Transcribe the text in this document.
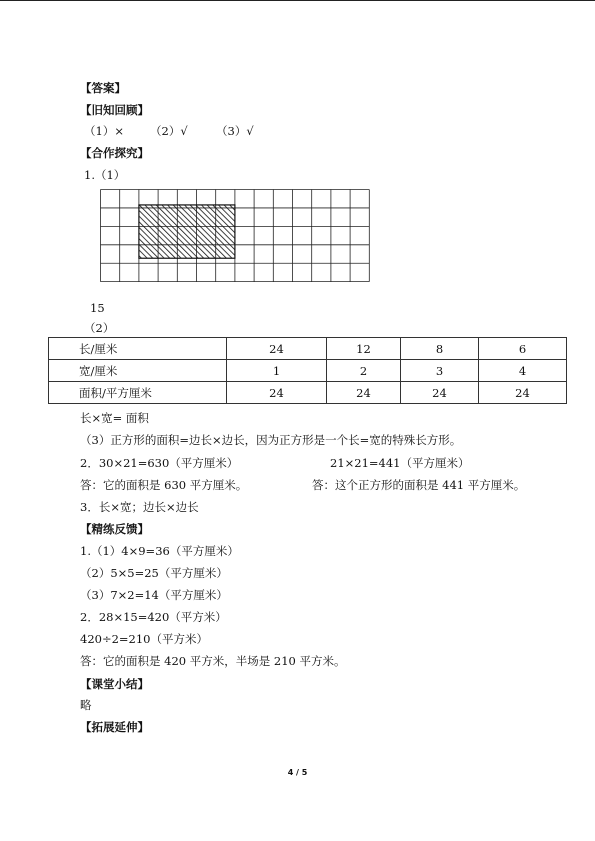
【答案】
【旧知回顾】
（1）× （2）√ （3）√
【合作探究】
1.（1）
15
（2）
长/厘米	24	12	8	6
宽/厘米	1	2	3	4
面积/平方厘米	24	24	24	24
长×宽= 面积
（3）正方形的面积=边长×边长，因为正方形是一个长=宽的特殊长方形。
2．30×21=630（平方厘米）	21×21=441（平方厘米）
答：它的面积是 630 平方厘米。	答：这个正方形的面积是 441 平方厘米。
3．长×宽；边长×边长
【精练反馈】
1.（1）4×9=36（平方厘米）
（2）5×5=25（平方厘米）
（3）7×2=14（平方厘米）
2．28×15=420（平方米）
420÷2=210（平方米）
答：它的面积是 420 平方米，半场是 210 平方米。
【课堂小结】
略
【拓展延伸】
4 / 5
